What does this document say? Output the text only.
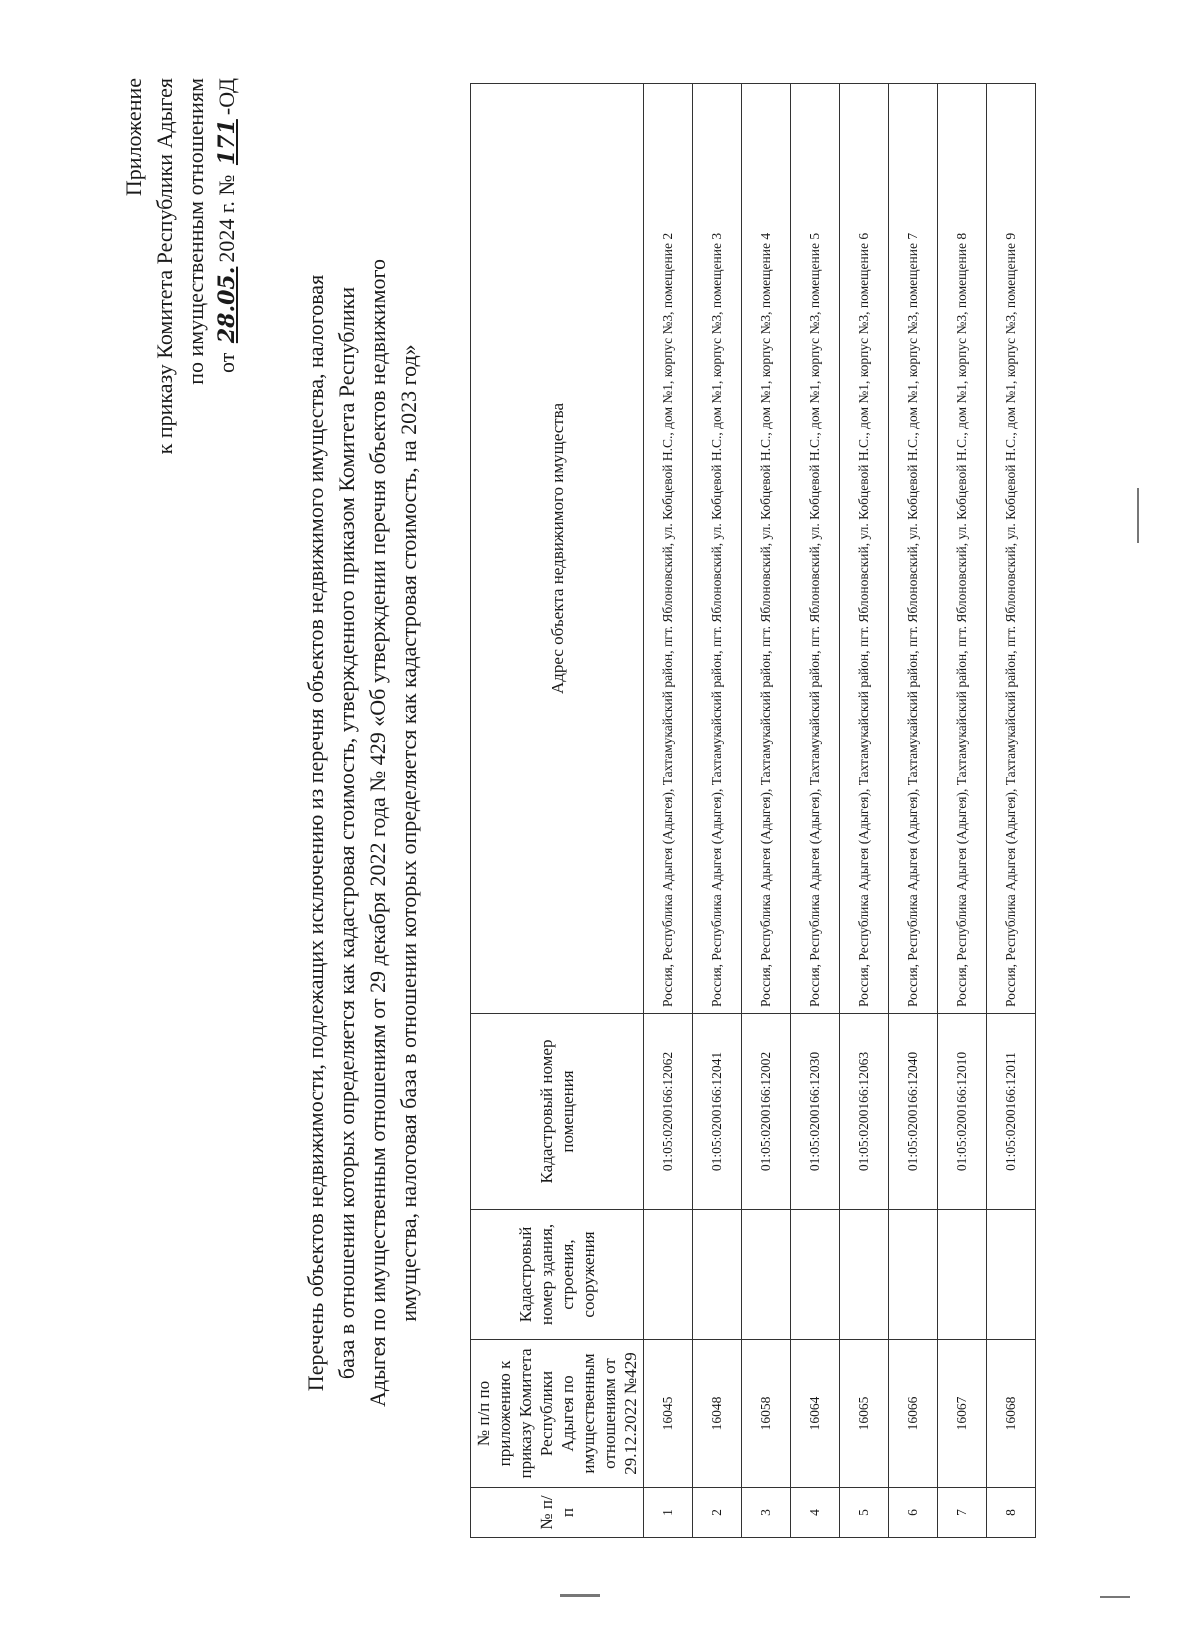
Приложение к приказу Комитета Республики Адыгея по имущественным отношениям от 28.05.2024 г. № 171-ОД
Перечень объектов недвижимости, подлежащих исключению из перечня объектов недвижимого имущества, налоговая база в отношении которых определяется как кадастровая стоимость, утвержденного приказом Комитета Республики Адыгея по имущественным отношениям от 29 декабря 2022 года № 429 «Об утверждении перечня объектов недвижимого имущества, налоговая база в отношении которых определяется как кадастровая стоимость, на 2023 год»
№ п/п	№ п/п по приложению к приказу Комитета Республики Адыгея по имущественным отношениям от 29.12.2022 №429	Кадастровый номер здания, строения, сооружения	Кадастровый номер помещения	Адрес объекта недвижимого имущества
1	16045		01:05:0200166:12062	Россия, Республика Адыгея (Адыгея), Тахтамукайский район, пгт. Яблоновский, ул. Кобцевой Н.С., дом №1, корпус №3, помещение 2
2	16048		01:05:0200166:12041	Россия, Республика Адыгея (Адыгея), Тахтамукайский район, пгт. Яблоновский, ул. Кобцевой Н.С., дом №1, корпус №3, помещение 3
3	16058		01:05:0200166:12002	Россия, Республика Адыгея (Адыгея), Тахтамукайский район, пгт. Яблоновский, ул. Кобцевой Н.С., дом №1, корпус №3, помещение 4
4	16064		01:05:0200166:12030	Россия, Республика Адыгея (Адыгея), Тахтамукайский район, пгт. Яблоновский, ул. Кобцевой Н.С., дом №1, корпус №3, помещение 5
5	16065		01:05:0200166:12063	Россия, Республика Адыгея (Адыгея), Тахтамукайский район, пгт. Яблоновский, ул. Кобцевой Н.С., дом №1, корпус №3, помещение 6
6	16066		01:05:0200166:12040	Россия, Республика Адыгея (Адыгея), Тахтамукайский район, пгт. Яблоновский, ул. Кобцевой Н.С., дом №1, корпус №3, помещение 7
7	16067		01:05:0200166:12010	Россия, Республика Адыгея (Адыгея), Тахтамукайский район, пгт. Яблоновский, ул. Кобцевой Н.С., дом №1, корпус №3, помещение 8
8	16068		01:05:0200166:12011	Россия, Республика Адыгея (Адыгея), Тахтамукайский район, пгт. Яблоновский, ул. Кобцевой Н.С., дом №1, корпус №3, помещение 9
